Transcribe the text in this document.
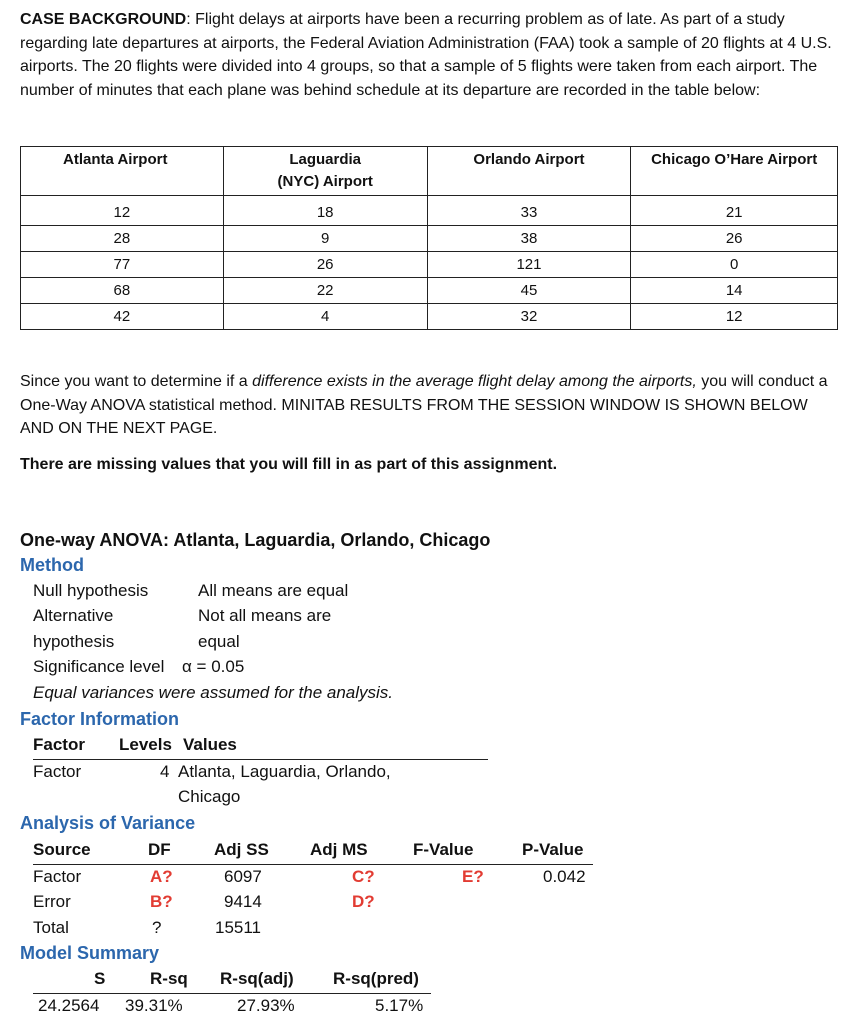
CASE BACKGROUND: Flight delays at airports have been a recurring problem as of late. As part of a study regarding late departures at airports, the Federal Aviation Administration (FAA) took a sample of 20 flights at 4 U.S. airports. The 20 flights were divided into 4 groups, so that a sample of 5 flights were taken from each airport. The number of minutes that each plane was behind schedule at its departure are recorded in the table below:
Atlanta Airport	Laguardia (NYC) Airport	Orlando Airport	Chicago O’Hare Airport
12	18	33	21
28	9	38	26
77	26	121	0
68	22	45	14
42	4	32	12
Since you want to determine if a difference exists in the average flight delay among the airports, you will conduct a One-Way ANOVA statistical method. MINITAB RESULTS FROM THE SESSION WINDOW IS SHOWN BELOW AND ON THE NEXT PAGE.
There are missing values that you will fill in as part of this assignment.
One-way ANOVA: Atlanta, Laguardia, Orlando, Chicago
Method
Null hypothesis	All means are equal
Alternative	Not all means are
hypothesis	equal
Significance level α = 0.05
Equal variances were assumed for the analysis.
Factor Information
Factor Levels Values
Factor	4 Atlanta, Laguardia, Orlando,
Chicago
Analysis of Variance
Source	DF	Adj SS Adj MS	F-Value	P-Value
Factor	A?	6097	C?	E?	0.042
Error	B?	9414	D?
Total	?	15511
Model Summary
S	R-sq R-sq(adj) R-sq(pred)
24.2564 39.31%	27.93%	5.17%
